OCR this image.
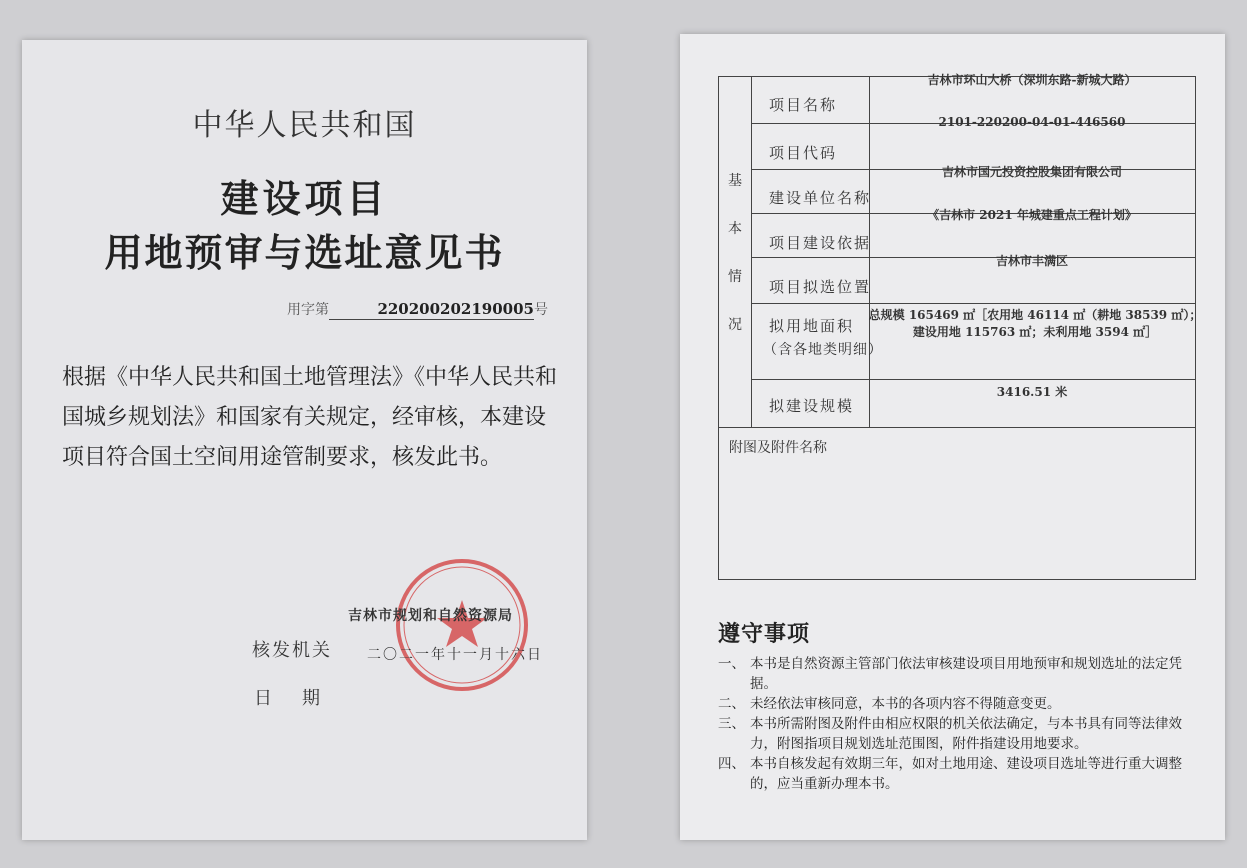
中华人民共和国
建设项目
用地预审与选址意见书
用字第	220200202190005号
根据《中华人民共和国土地管理法》《中华人民共和国城乡规划法》和国家有关规定，经审核，本建设项目符合国土空间用途管制要求，核发此书。
吉林市规划和自然资源局
核发机关	二〇二一年十一月十六日
日期
基
本
情
况
项目名称
吉林市环山大桥（深圳东路-新城大路）
项目代码
2101-220200-04-01-446560
建设单位名称
吉林市国元投资控股集团有限公司
项目建设依据
《吉林市 2021 年城建重点工程计划》
项目拟选位置
吉林市丰满区
拟用地面积
（含各地类明细）
总规模 165469 ㎡［农用地 46114 ㎡（耕地 38539 ㎡）；建设用地 115763 ㎡；未利用地 3594 ㎡］
拟建设规模
3416.51 米
附图及附件名称
遵守事项
一、 本书是自然资源主管部门依法审核建设项目用地预审和规划选址的法定凭据。
二、 未经依法审核同意，本书的各项内容不得随意变更。
三、 本书所需附图及附件由相应权限的机关依法确定，与本书具有同等法律效力，附图指项目规划选址范围图，附件指建设用地要求。
四、 本书自核发起有效期三年，如对土地用途、建设项目选址等进行重大调整的，应当重新办理本书。
